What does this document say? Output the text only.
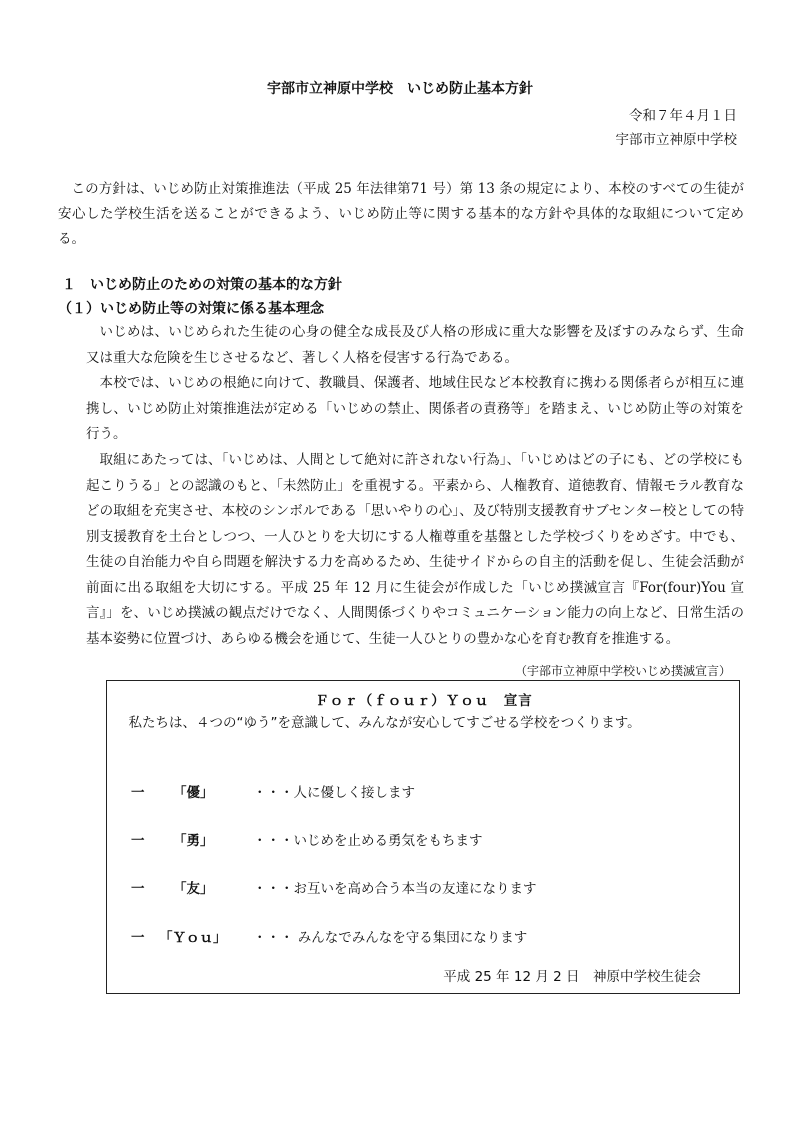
宇部市立神原中学校　いじめ防止基本方針
令和７年４月１日
宇部市立神原中学校
この方針は、いじめ防止対策推進法（平成 25 年法律第71 号）第 13 条の規定により、本校のすべての生徒が安心した学校生活を送ることができるよう、いじめ防止等に関する基本的な方針や具体的な取組について定める。
１　いじめ防止のための対策の基本的な方針
（１）いじめ防止等の対策に係る基本理念
いじめは、いじめられた生徒の心身の健全な成長及び人格の形成に重大な影響を及ぼすのみならず、生命又は重大な危険を生じさせるなど、著しく人格を侵害する行為である。
本校では、いじめの根絶に向けて、教職員、保護者、地域住民など本校教育に携わる関係者らが相互に連携し、いじめ防止対策推進法が定める「いじめの禁止、関係者の責務等」を踏まえ、いじめ防止等の対策を行う。
取組にあたっては、「いじめは、人間として絶対に許されない行為」、「いじめはどの子にも、どの学校にも起こりうる」との認識のもと、「未然防止」を重視する。平素から、人権教育、道徳教育、情報モラル教育などの取組を充実させ、本校のシンボルである「思いやりの心」、及び特別支援教育サブセンター校としての特別支援教育を土台としつつ、一人ひとりを大切にする人権尊重を基盤とした学校づくりをめざす。中でも、生徒の自治能力や自ら問題を解決する力を高めるため、生徒サイドからの自主的活動を促し、生徒会活動が前面に出る取組を大切にする。平成 25 年 12 月に生徒会が作成した「いじめ撲滅宣言『For(four)You 宣言』」を、いじめ撲滅の観点だけでなく、人間関係づくりやコミュニケーション能力の向上など、日常生活の基本姿勢に位置づけ、あらゆる機会を通じて、生徒一人ひとりの豊かな心を育む教育を推進する。
（宇部市立神原中学校いじめ撲滅宣言）
Ｆｏｒ（ｆｏｕｒ）Ｙｏｕ　宣言
私たちは、４つの“ゆう”を意識して、みんなが安心してすごせる学校をつくります。
一 「優」	・・・人に優しく接します
一 「勇」	・・・いじめを止める勇気をもちます
一 「友」	・・・お互いを高め合う本当の友達になります
一 「Ｙｏｕ」 ・・・ みんなでみんなを守る集団になります
平成 25 年 12 月 2 日　神原中学校生徒会
